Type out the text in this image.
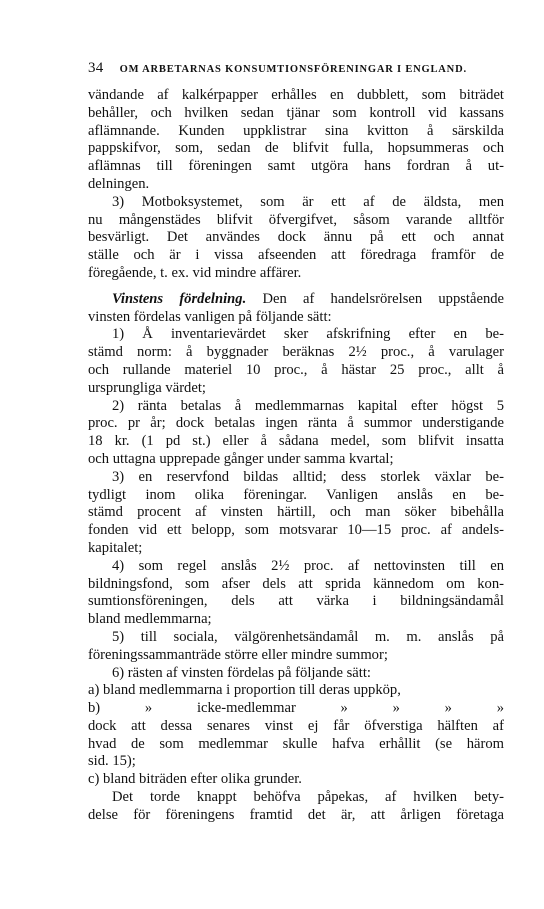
34 OM ARBETARNAS KONSUMTIONSFÖRENINGAR I ENGLAND.
vändande af kalkérpapper erhålles en dubblett, som biträdet
behåller, och hvilken sedan tjänar som kontroll vid kassans
aflämnande. Kunden uppklistrar sina kvitton å särskilda
pappskifvor, som, sedan de blifvit fulla, hopsummeras och
aflämnas till föreningen samt utgöra hans fordran å ut-
delningen.
3) Motboksystemet, som är ett af de äldsta, men
nu mångenstädes blifvit öfvergifvet, såsom varande alltför
besvärligt. Det användes dock ännu på ett och annat
ställe och är i vissa afseenden att föredraga framför de
föregående, t. ex. vid mindre affärer.
Vinstens fördelning. Den af handelsrörelsen uppstående
vinsten fördelas vanligen på följande sätt:
1) Å inventarievärdet sker afskrifning efter en be-
stämd norm: å byggnader beräknas 2½ proc., å varulager
och rullande materiel 10 proc., å hästar 25 proc., allt å
ursprungliga värdet;
2) ränta betalas å medlemmarnas kapital efter högst 5
proc. pr år; dock betalas ingen ränta å summor understigande
18 kr. (1 pd st.) eller å sådana medel, som blifvit insatta
och uttagna upprepade gånger under samma kvartal;
3) en reservfond bildas alltid; dess storlek växlar be-
tydligt inom olika föreningar. Vanligen anslås en be-
stämd procent af vinsten härtill, och man söker bibehålla
fonden vid ett belopp, som motsvarar 10—15 proc. af andels-
kapitalet;
4) som regel anslås 2½ proc. af nettovinsten till en
bildningsfond, som afser dels att sprida kännedom om kon-
sumtionsföreningen, dels att värka i bildningsändamål
bland medlemmarna;
5) till sociala, välgörenhetsändamål m. m. anslås på
föreningssammanträde större eller mindre summor;
6) rästen af vinsten fördelas på följande sätt:
a) bland medlemmarna i proportion till deras uppköp,
b) » icke-medlemmar » » » »
dock att dessa senares vinst ej får öfverstiga hälften af
hvad de som medlemmar skulle hafva erhållit (se härom
sid. 15);
c) bland biträden efter olika grunder.
Det torde knappt behöfva påpekas, af hvilken bety-
delse för föreningens framtid det är, att årligen företaga
